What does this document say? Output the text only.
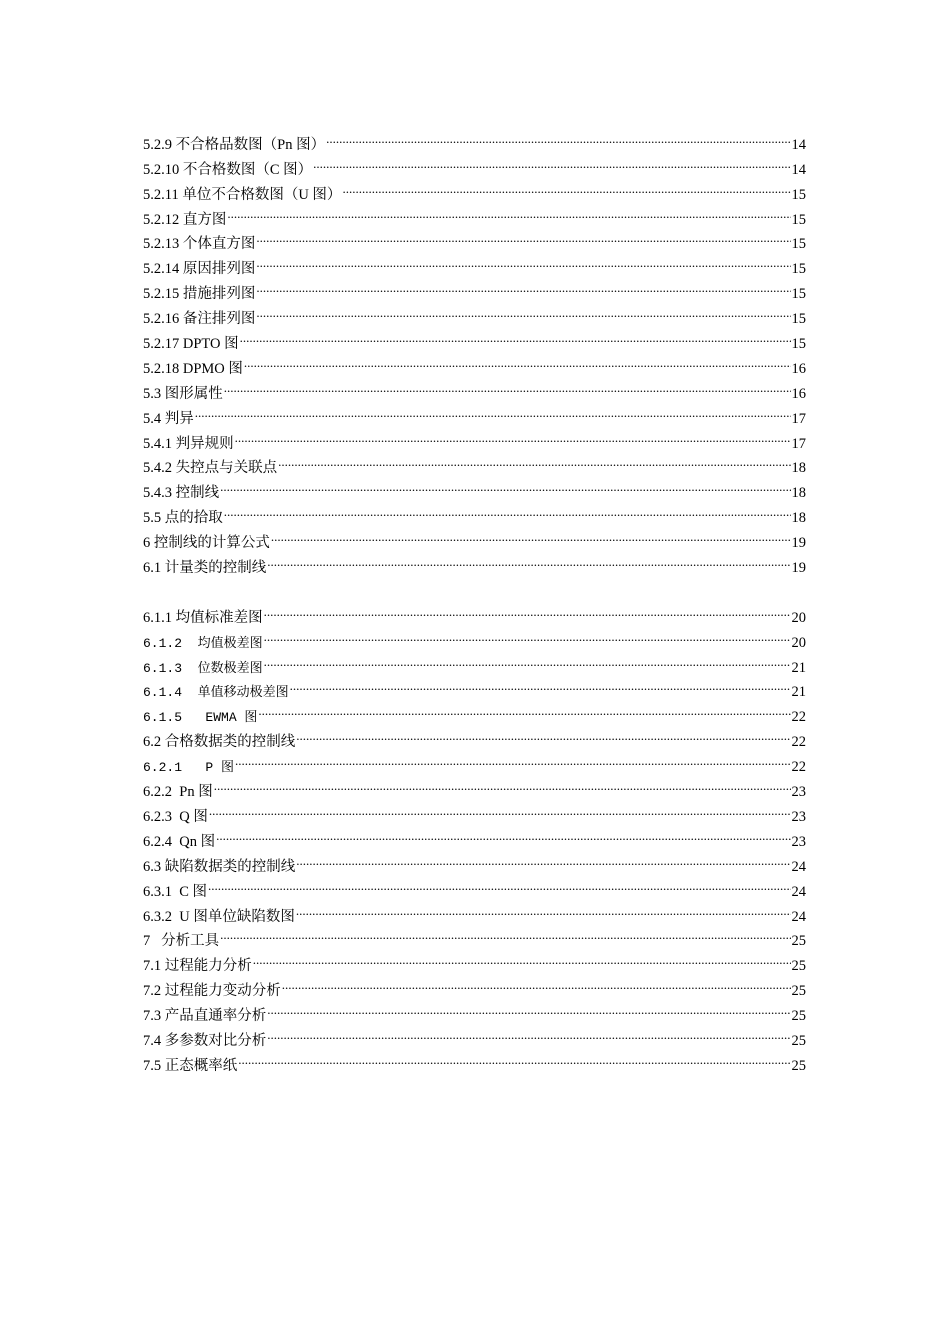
5.2.9 不合格品数图（Pn 图） .....	14
5.2.10 不合格数图（C 图） .....	14
5.2.11 单位不合格数图（U 图） .....	15
5.2.12 直方图 .....	15
5.2.13 个体直方图 .....	15
5.2.14 原因排列图 .....	15
5.2.15 措施排列图 .....	15
5.2.16 备注排列图 .....	15
5.2.17 DPTO 图 .....	15
5.2.18 DPMO 图 .....	16
5.3 图形属性 .....	16
5.4 判异 .....	17
5.4.1 判异规则 .....	17
5.4.2 失控点与关联点 .....	18
5.4.3 控制线 .....	18
5.5 点的拾取 .....	18
6 控制线的计算公式 .....	19
6.1 计量类的控制线 .....	19
6.1.1 均值标准差图 .....	20
6.1.2  均值极差图 .....	20
6.1.3  位数极差图 .....	21
6.1.4  单值移动极差图 .....	21
6.1.5   EWMA 图 .....	22
6.2 合格数据类的控制线 .....	22
6.2.1   P 图 .....	22
6.2.2  Pn 图 .....	23
6.2.3  Q 图 .....	23
6.2.4  Qn 图 .....	23
6.3 缺陷数据类的控制线 .....	24
6.3.1  C 图 .....	24
6.3.2  U 图单位缺陷数图 .....	24
7   分析工具 .....	25
7.1 过程能力分析 .....	25
7.2 过程能力变动分析 .....	25
7.3 产品直通率分析 .....	25
7.4 多参数对比分析 .....	25
7.5 正态概率纸 .....	25
